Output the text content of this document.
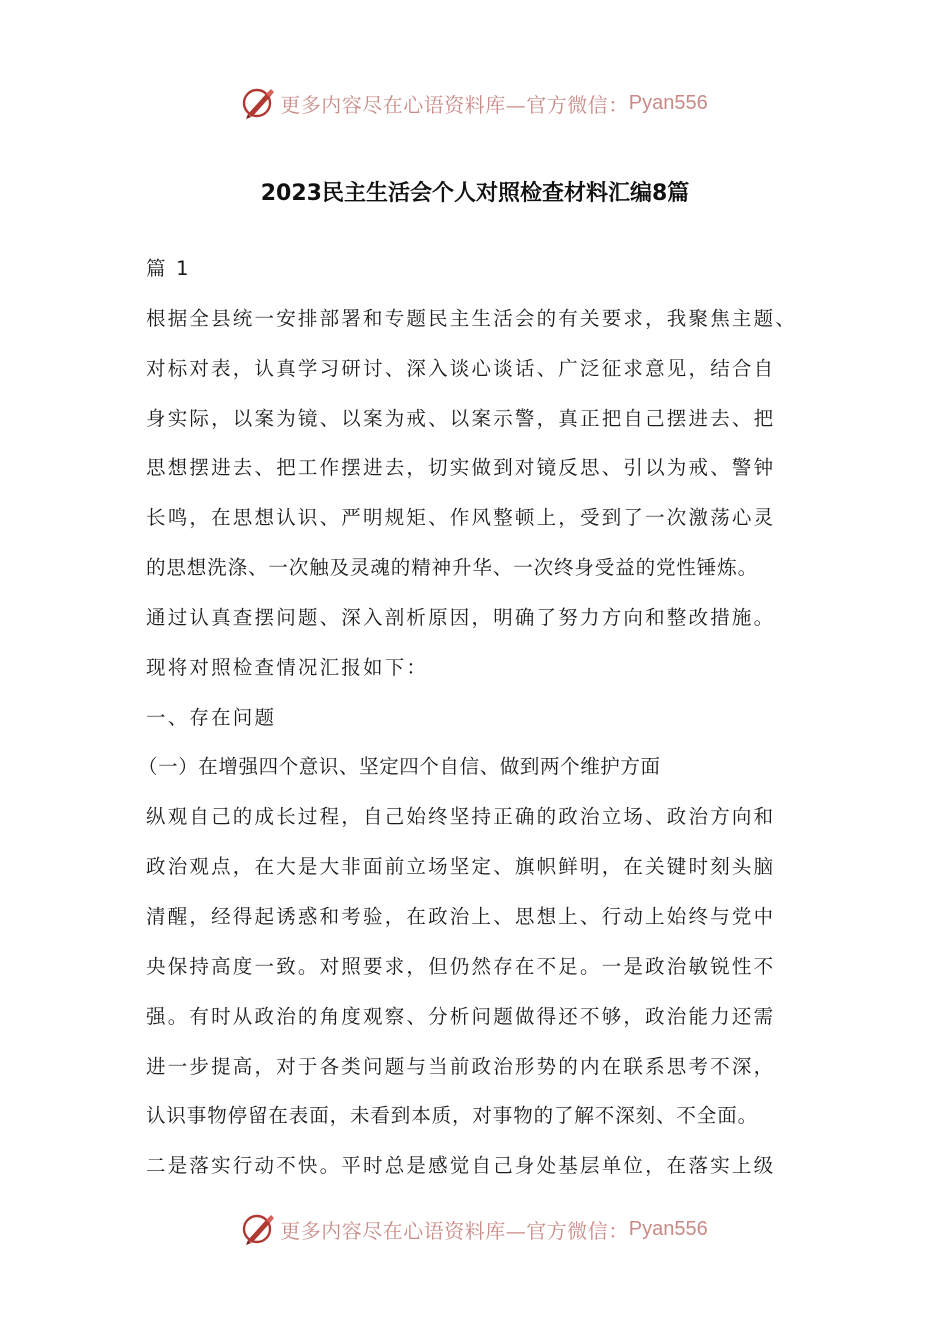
更多内容尽在心语资料库—官方微信： Pyan556
2023民主生活会个人对照检查材料汇编8篇
篇 1
根据全县统一安排部署和专题民主生活会的有关要求，我聚焦主题、
对标对表，认真学习研讨、深入谈心谈话、广泛征求意见，结合自
身实际，以案为镜、以案为戒、以案示警，真正把自己摆进去、把
思想摆进去、把工作摆进去，切实做到对镜反思、引以为戒、警钟
长鸣，在思想认识、严明规矩、作风整顿上，受到了一次激荡心灵
的思想洗涤、一次触及灵魂的精神升华、一次终身受益的党性锤炼。
通过认真查摆问题、深入剖析原因，明确了努力方向和整改措施。
现将对照检查情况汇报如下：
一、存在问题
（一）在增强四个意识、坚定四个自信、做到两个维护方面
纵观自己的成长过程，自己始终坚持正确的政治立场、政治方向和
政治观点，在大是大非面前立场坚定、旗帜鲜明，在关键时刻头脑
清醒，经得起诱惑和考验，在政治上、思想上、行动上始终与党中
央保持高度一致。对照要求，但仍然存在不足。一是政治敏锐性不
强。有时从政治的角度观察、分析问题做得还不够，政治能力还需
进一步提高，对于各类问题与当前政治形势的内在联系思考不深，
认识事物停留在表面，未看到本质，对事物的了解不深刻、不全面。
二是落实行动不快。平时总是感觉自己身处基层单位，在落实上级
更多内容尽在心语资料库—官方微信： Pyan556
